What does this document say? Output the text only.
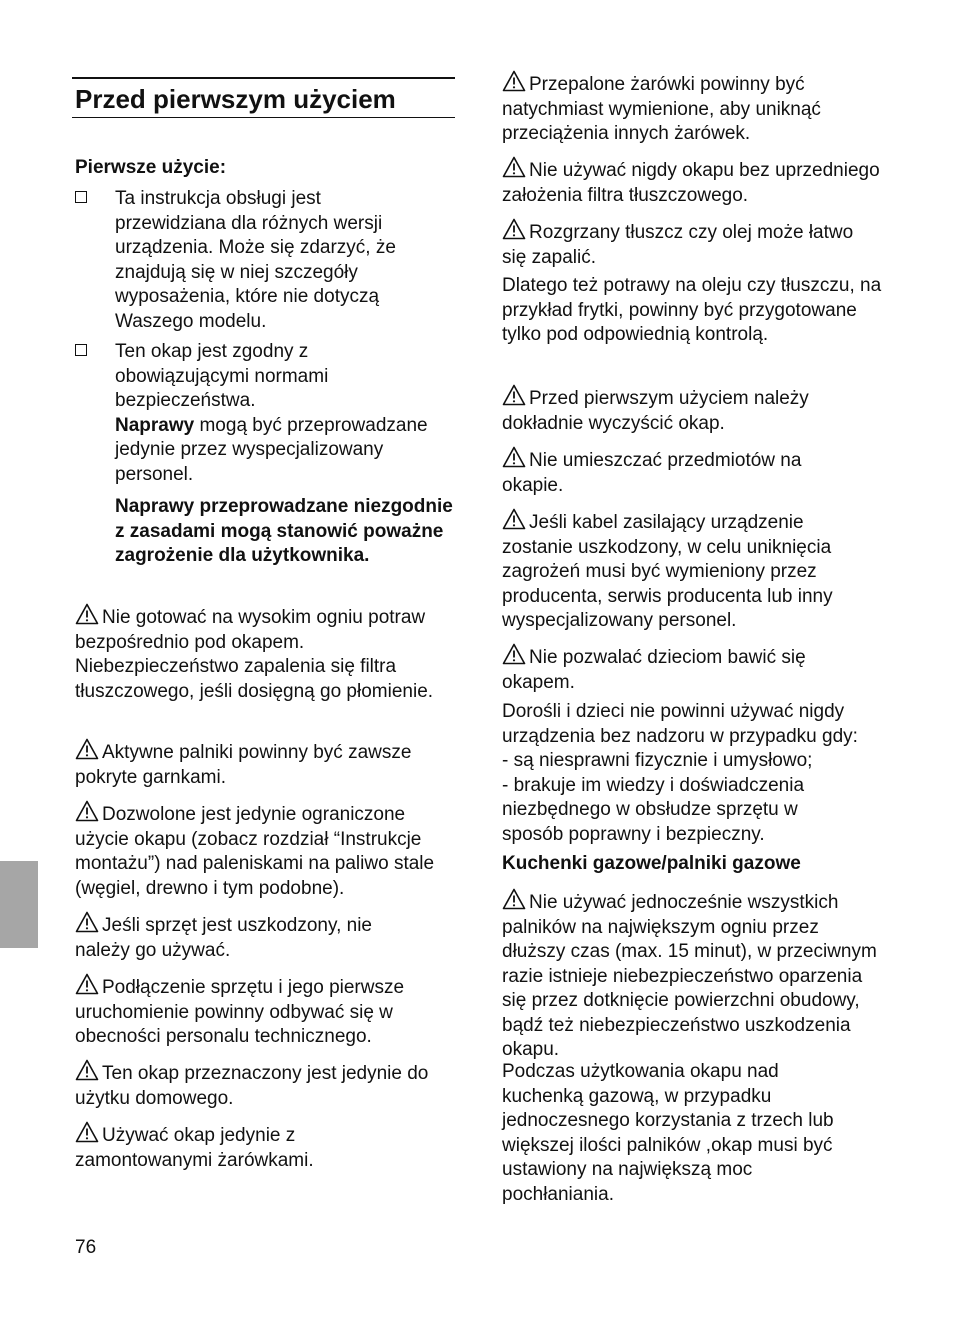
Przed pierwszym użyciem

Pierwsze użycie:

Ta instrukcja obsługi jest przewidziana dla różnych wersji urządzenia. Może się zdarzyć, że znajdują się w niej szczegóły wyposażenia, które nie dotyczą Waszego modelu.

Ten okap jest zgodny z obowiązującymi normami bezpieczeństwa.

Naprawy mogą być przeprowadzane jedynie przez wyspecjalizowany personel.

Naprawy przeprowadzane niezgodnie z zasadami mogą stanowić poważne zagrożenie dla użytkownika.

Nie gotować na wysokim ogniu potraw bezpośrednio pod okapem. Niebezpieczeństwo zapalenia się filtra tłuszczowego, jeśli dosięgną go płomienie.
Aktywne palniki powinny być zawsze pokryte garnkami.
Dozwolone jest jedynie ograniczone użycie okapu (zobacz rozdział “Instrukcje montażu”) nad paleniskami na paliwo stale (węgiel, drewno i tym podobne).
Jeśli sprzęt jest uszkodzony, nie należy go używać.
Podłączenie sprzętu i jego pierwsze uruchomienie powinny odbywać się w obecności personalu technicznego.
Ten okap przeznaczony jest jedynie do użytku domowego.
Używać okap jedynie z zamontowanymi żarówkami.
Przepalone żarówki powinny być natychmiast wymienione, aby uniknąć przeciążenia innych żarówek.
Nie używać nigdy okapu bez uprzedniego założenia filtra tłuszczowego.
Rozgrzany tłuszcz czy olej może łatwo się zapalić.

Dlatego też potrawy na oleju czy tłuszczu, na przykład frytki, powinny być przygotowane tylko pod odpowiednią kontrolą.

Przed pierwszym użyciem należy dokładnie wyczyścić okap.
Nie umieszczać przedmiotów na okapie.
Jeśli kabel zasilający urządzenie zostanie uszkodzony, w celu uniknięcia zagrożeń musi być wymieniony przez producenta, serwis producenta lub inny wyspecjalizowany personel.
Nie pozwalać dzieciom bawić się okapem.

Dorośli i dzieci nie powinni używać nigdy urządzenia bez nadzoru w przypadku gdy:

- są niesprawni fizycznie i umysłowo;

- brakuje im wiedzy i doświadczenia niezbędnego w obsłudze sprzętu w sposób poprawny i bezpieczny.

Kuchenki gazowe/palniki gazowe

Nie używać jednocześnie wszystkich palników na największym ogniu przez dłuższy czas (max. 15 minut), w przeciwnym razie istnieje niebezpieczeństwo oparzenia się przez dotknięcie powierzchni obudowy, bądź też niebezpieczeństwo uszkodzenia okapu.

Podczas użytkowania okapu nad kuchenką gazową, w przypadku jednoczesnego korzystania z trzech lub większej ilości palników ,okap musi być ustawiony na największą moc pochłaniania.

76
